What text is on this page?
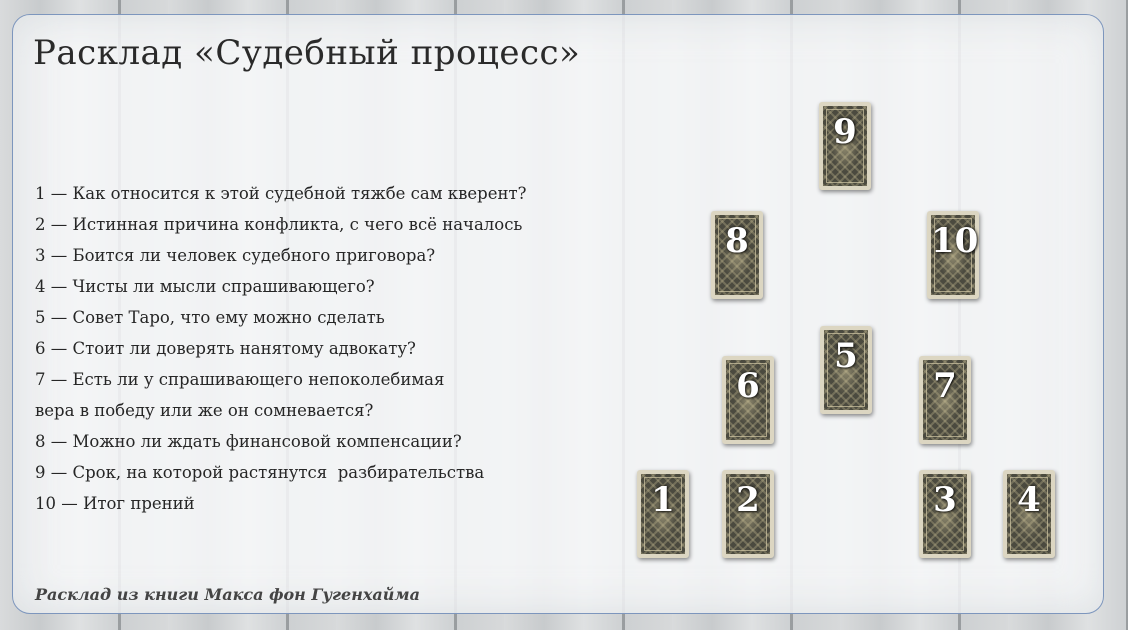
Расклад «Судебный процесс»
1 — Как относится к этой судебной тяжбе сам кверент?
2 — Истинная причина конфликта, с чего всё началось
3 — Боится ли человек судебного приговора?
4 — Чисты ли мысли спрашивающего?
5 — Совет Таро, что ему можно сделать
6 — Стоит ли доверять нанятому адвокату?
7 — Есть ли у спрашивающего непоколебимая
вера в победу или же он сомневается?
8 — Можно ли ждать финансовой компенсации?
9 — Срок, на которой растянутся  разбирательства
10 — Итог прений
Расклад из книги Макса фон Гугенхайма
9
8	10
5
6	7
1 2	3 4
